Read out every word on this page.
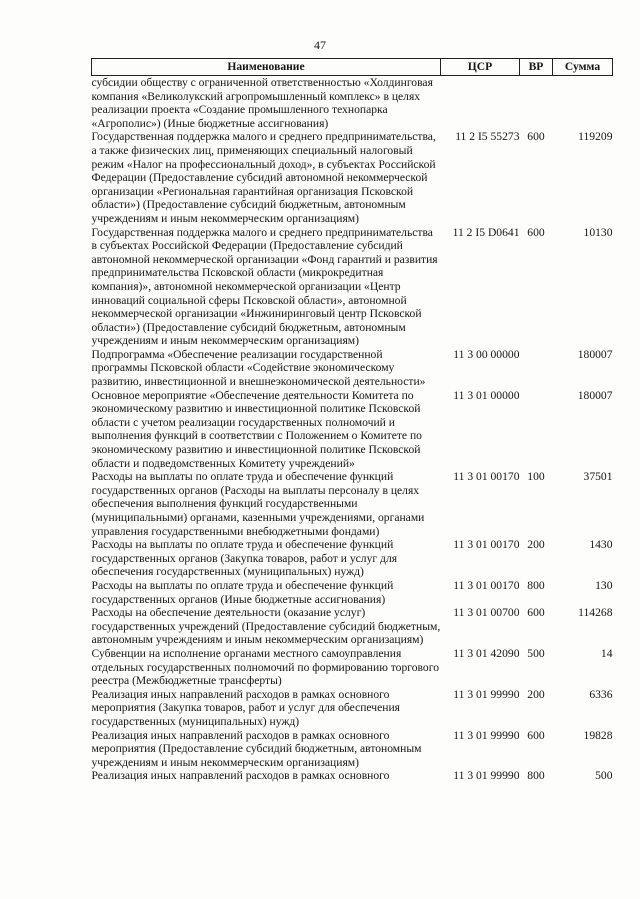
47
Наименование	ЦСР	ВР	Сумма
субсидии обществу с ограниченной ответственностью «Холдинговая компания «Великолукский агропромышленный комплекс» в целях реализации проекта «Создание промышленного технопарка «Агрополис») (Иные бюджетные ассигнования)			
Государственная поддержка малого и среднего предпринимательства, а также физических лиц, применяющих специальный налоговый режим «Налог на профессиональный доход», в субъектах Российской Федерации (Предоставление субсидий автономной некоммерческой организации «Региональная гарантийная организация Псковской области») (Предоставление субсидий бюджетным, автономным учреждениям и иным некоммерческим организациям)	11 2 I5 55273	600	119209
Государственная поддержка малого и среднего предпринимательства в субъектах Российской Федерации (Предоставление субсидий автономной некоммерческой организации «Фонд гарантий и развития предпринимательства Псковской области (микрокредитная компания)», автономной некоммерческой организации «Центр инноваций социальной сферы Псковской области», автономной некоммерческой организации «Инжиниринговый центр Псковской области») (Предоставление субсидий бюджетным, автономным учреждениям и иным некоммерческим организациям)	11 2 I5 D0641	600	10130
Подпрограмма «Обеспечение реализации государственной программы Псковской области «Содействие экономическому развитию, инвестиционной и внешнеэкономической деятельности»	11 3 00 00000		180007
Основное мероприятие «Обеспечение деятельности Комитета по экономическому развитию и инвестиционной политике Псковской области с учетом реализации государственных полномочий и выполнения функций в соответствии с Положением о Комитете по экономическому развитию и инвестиционной политике Псковской области и подведомственных Комитету учреждений»	11 3 01 00000		180007
Расходы на выплаты по оплате труда и обеспечение функций государственных органов (Расходы на выплаты персоналу в целях обеспечения выполнения функций государственными (муниципальными) органами, казенными учреждениями, органами управления государственными внебюджетными фондами)	11 3 01 00170	100	37501
Расходы на выплаты по оплате труда и обеспечение функций государственных органов (Закупка товаров, работ и услуг для обеспечения государственных (муниципальных) нужд)	11 3 01 00170	200	1430
Расходы на выплаты по оплате труда и обеспечение функций государственных органов (Иные бюджетные ассигнования)	11 3 01 00170	800	130
Расходы на обеспечение деятельности (оказание услуг) государственных учреждений (Предоставление субсидий бюджетным, автономным учреждениям и иным некоммерческим организациям)	11 3 01 00700	600	114268
Субвенции на исполнение органами местного самоуправления отдельных государственных полномочий по формированию торгового реестра (Межбюджетные трансферты)	11 3 01 42090	500	14
Реализация иных направлений расходов в рамках основного мероприятия (Закупка товаров, работ и услуг для обеспечения государственных (муниципальных) нужд)	11 3 01 99990	200	6336
Реализация иных направлений расходов в рамках основного мероприятия (Предоставление субсидий бюджетным, автономным учреждениям и иным некоммерческим организациям)	11 3 01 99990	600	19828
Реализация иных направлений расходов в рамках основного	11 3 01 99990	800	500
